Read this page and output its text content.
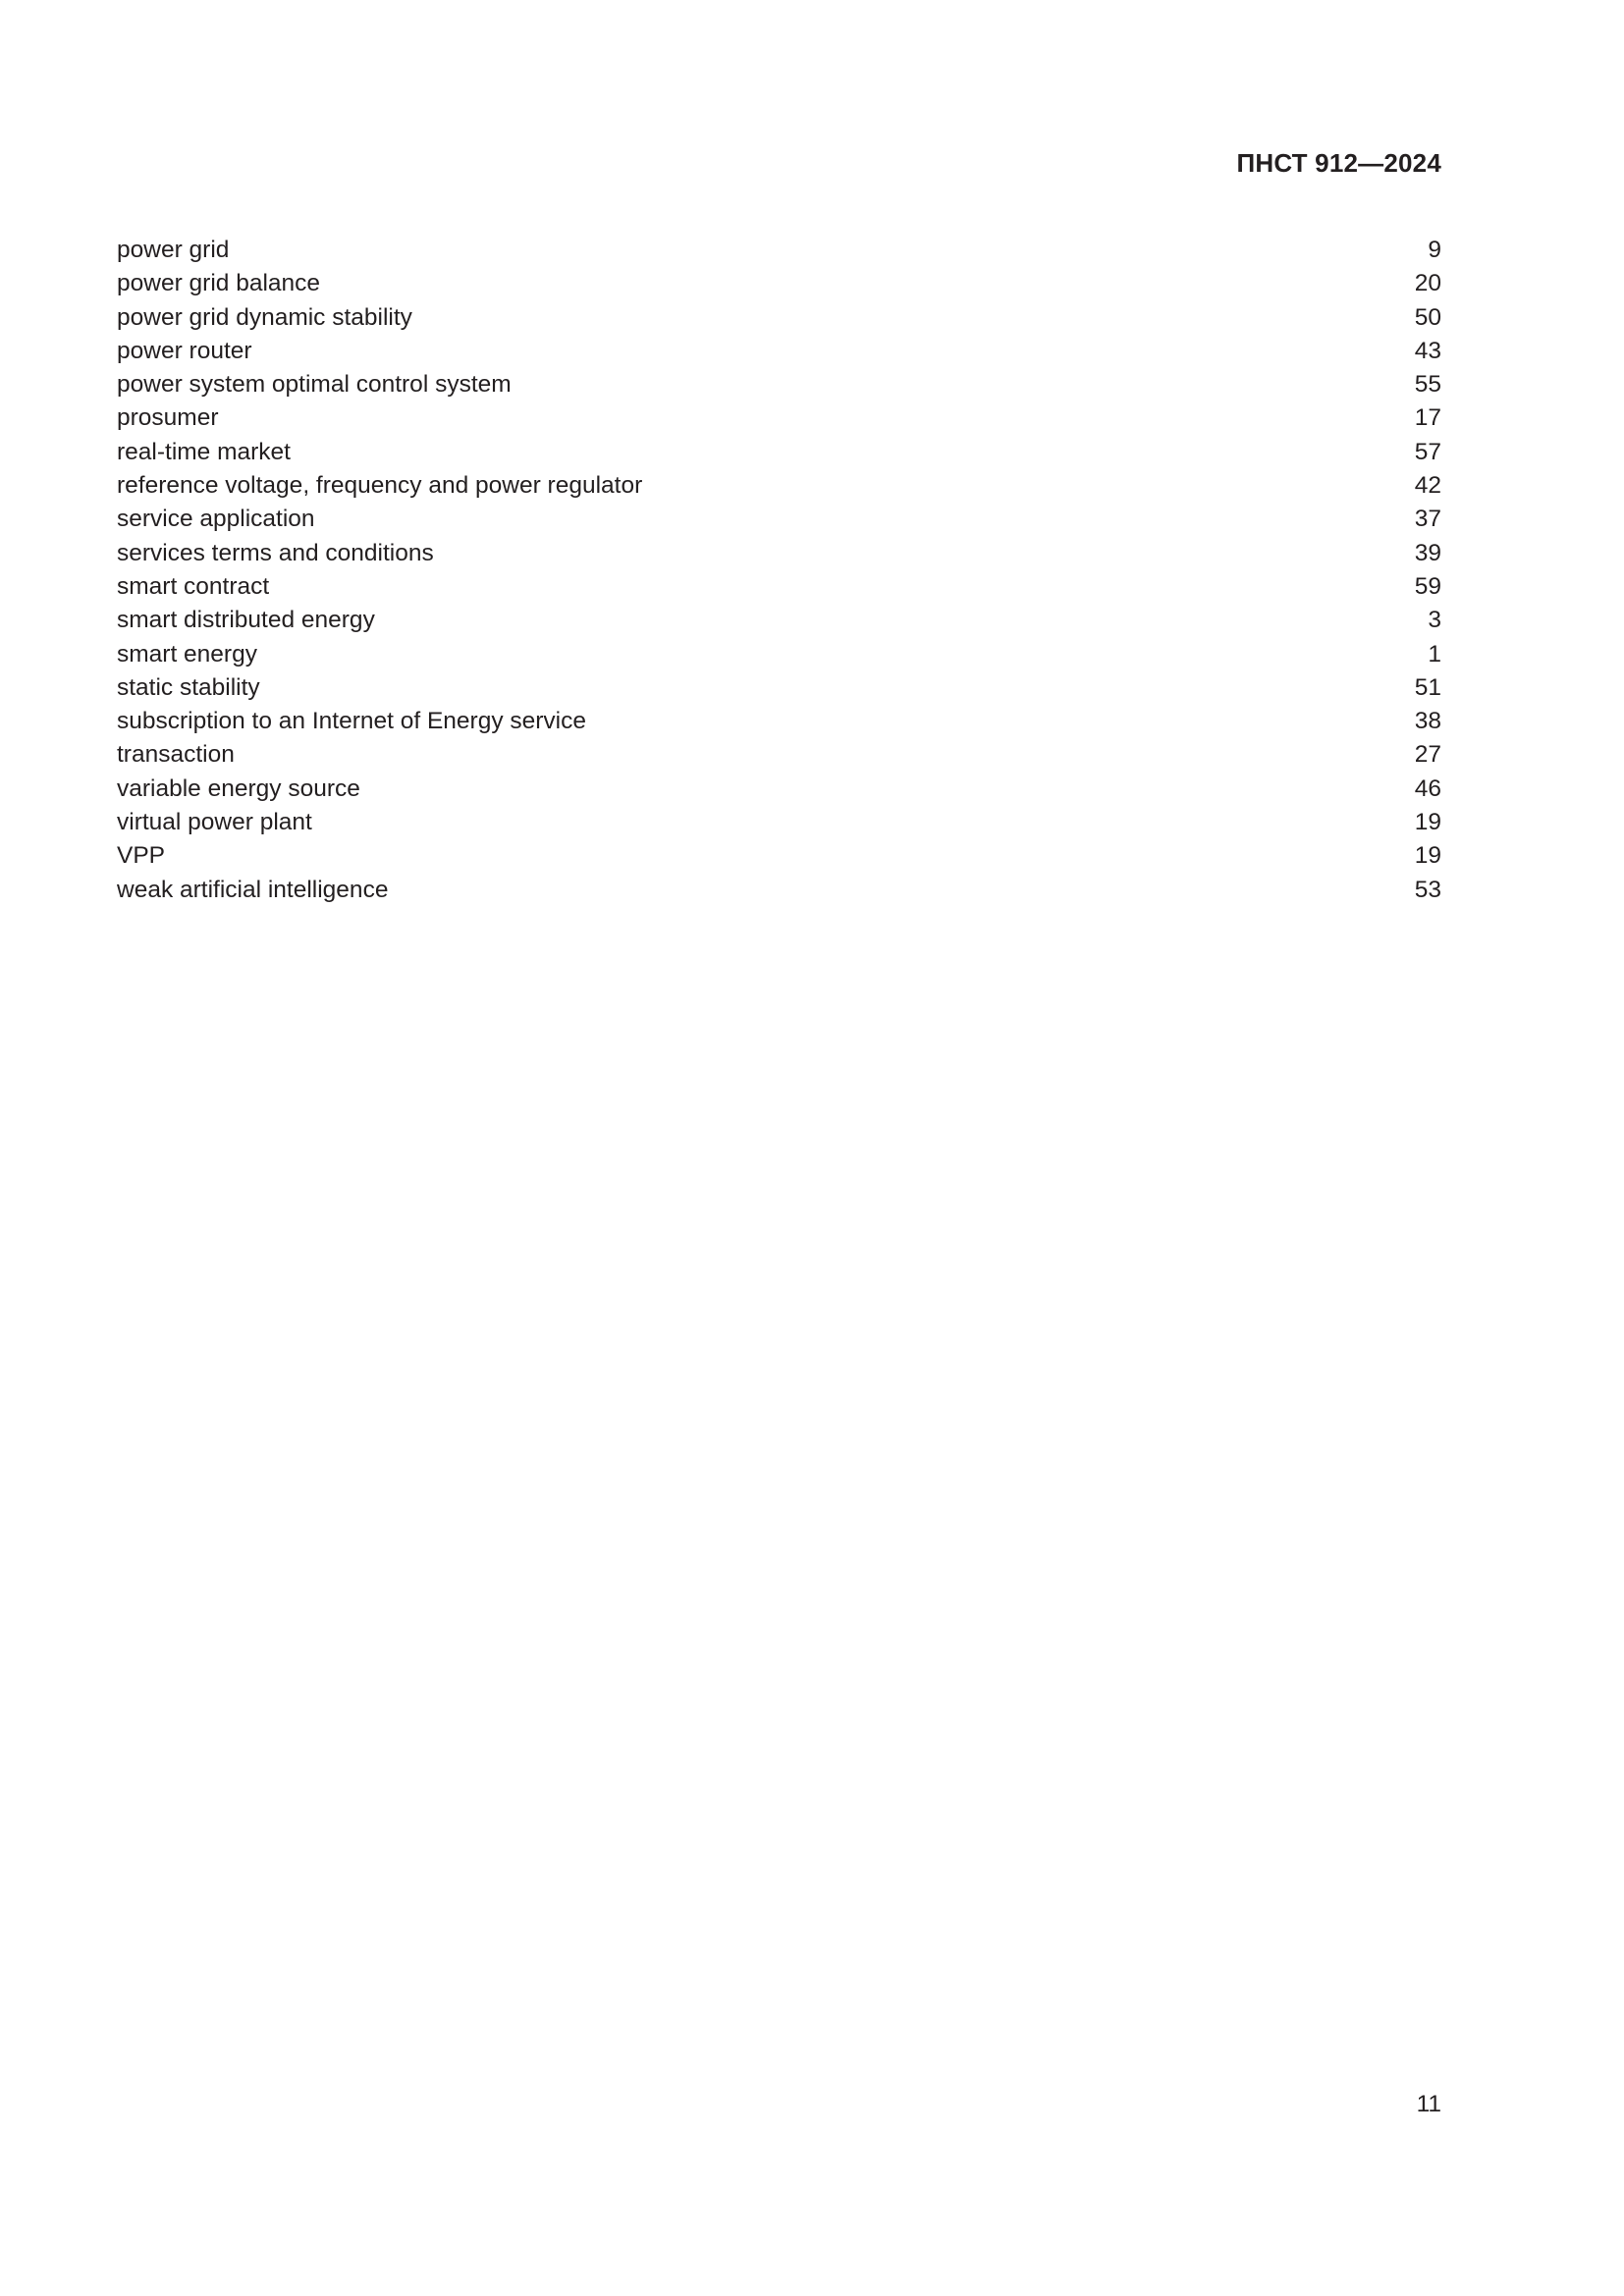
ПНСТ 912—2024
power grid	9
power grid balance	20
power grid dynamic stability	50
power router	43
power system optimal control system	55
prosumer	17
real-time market	57
reference voltage, frequency and power regulator	42
service application	37
services terms and conditions	39
smart contract	59
smart distributed energy	3
smart energy	1
static stability	51
subscription to an Internet of Energy service	38
transaction	27
variable energy source	46
virtual power plant	19
VPP	19
weak artificial intelligence	53
11
